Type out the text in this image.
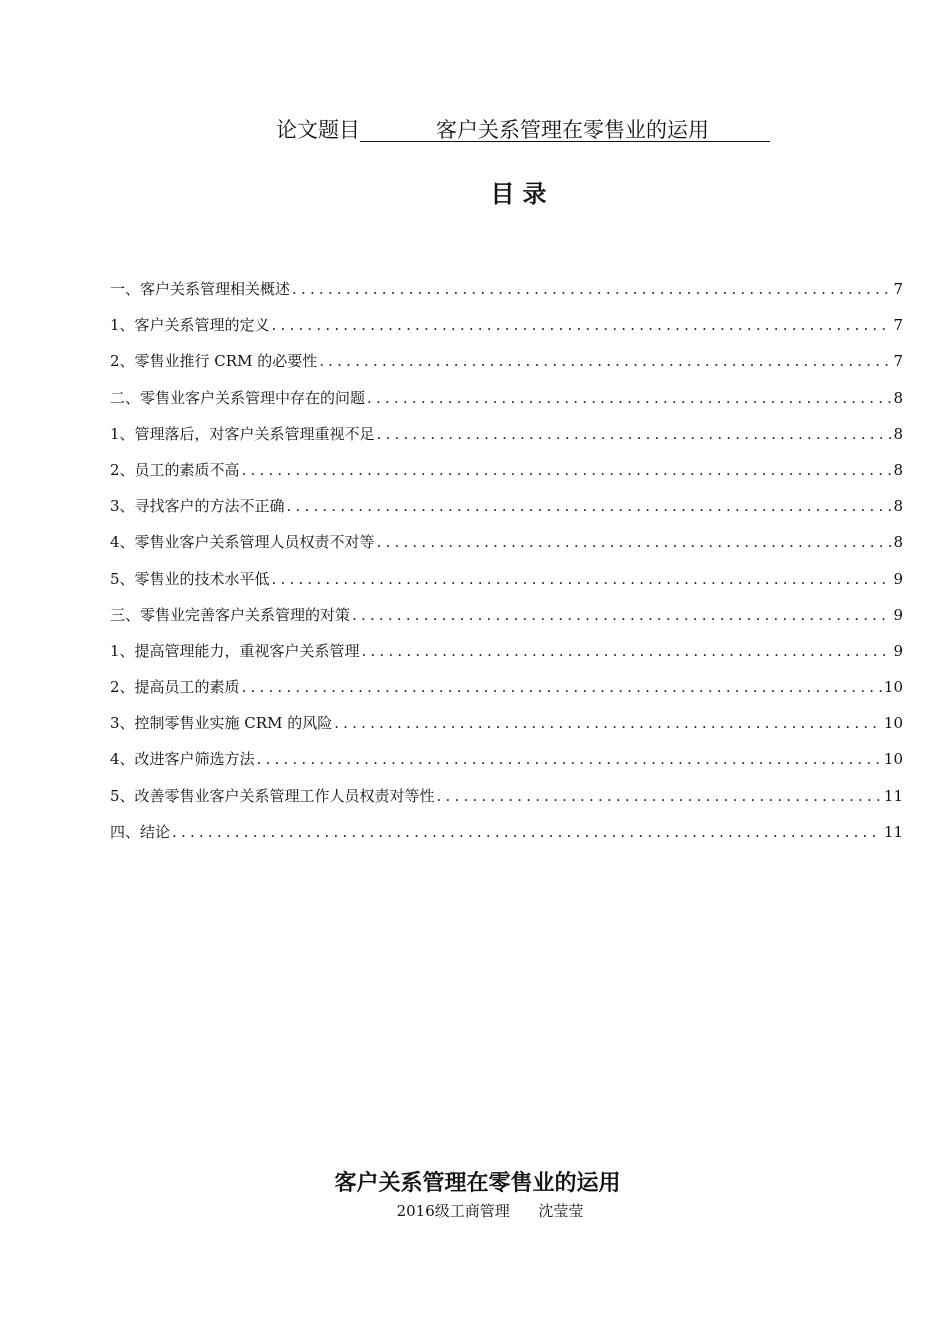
论文题目	客户关系管理在零售业的运用
目录
一、客户关系管理相关概述 .....	7
1、客户关系管理的定义 .....	7
2、零售业推行 CRM 的必要性 .....	7
二、零售业客户关系管理中存在的问题 .....	8
1、管理落后，对客户关系管理重视不足 .....	8
2、员工的素质不高 .....	8
3、寻找客户的方法不正确 .....	8
4、零售业客户关系管理人员权责不对等 .....	8
5、零售业的技术水平低 .....	9
三、零售业完善客户关系管理的对策 .....	9
1、提高管理能力，重视客户关系管理 .....	9
2、提高员工的素质 .....	10
3、控制零售业实施 CRM 的风险 .....	10
4、改进客户筛选方法 .....	10
5、改善零售业客户关系管理工作人员权责对等性 .....	11
四、结论 .....	11
客户关系管理在零售业的运用
2016级工商管理      沈莹莹
